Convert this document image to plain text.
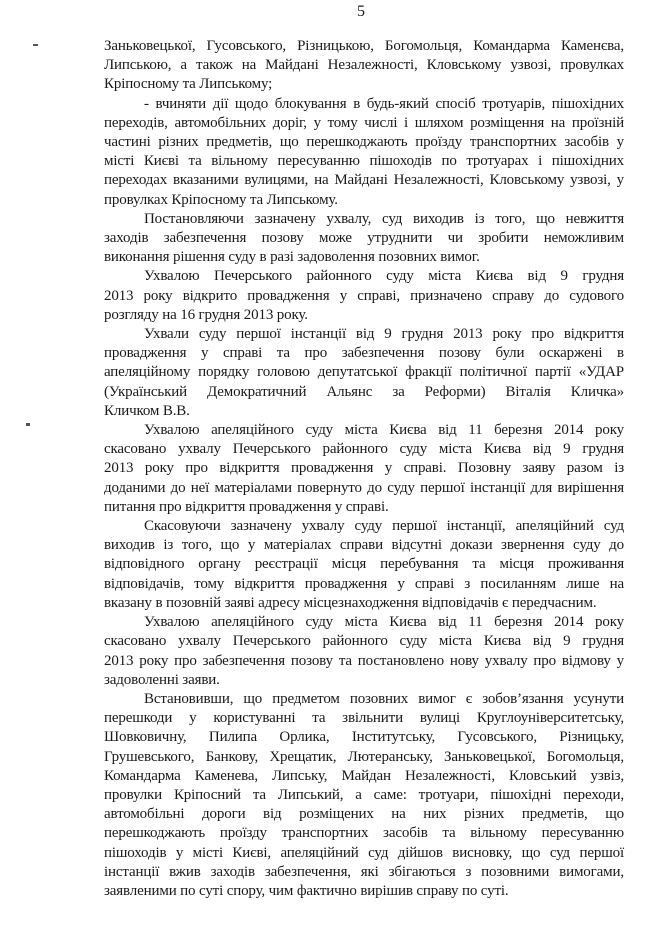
5
Заньковецької, Гусовського, Різницькою, Богомольця, Командарма Каменєва,
Липською, а також на Майдані Незалежності, Кловському узвозі, провулках
Кріпосному та Липському;
- вчиняти дії щодо блокування в будь-який спосіб тротуарів, пішохідних
переходів, автомобільних доріг, у тому числі і шляхом розміщення на проїзній
частині різних предметів, що перешкоджають проїзду транспортних засобів у
місті Києві та вільному пересуванню пішоходів по тротуарах і пішохідних
переходах вказаними вулицями, на Майдані Незалежності, Кловському узвозі, у
провулках Кріпосному та Липському.
Постановляючи зазначену ухвалу, суд виходив із того, що невжиття
заходів забезпечення позову може утруднити чи зробити неможливим
виконання рішення суду в разі задоволення позовних вимог.
Ухвалою Печерського районного суду міста Києва від 9 грудня
2013 року відкрито провадження у справі, призначено справу до судового
розгляду на 16 грудня 2013 року.
Ухвали суду першої інстанції від 9 грудня 2013 року про відкриття
провадження у справі та про забезпечення позову були оскаржені в
апеляційному порядку головою депутатської фракції політичної партії «УДАР
(Український Демократичний Альянс за Реформи) Віталія Кличка»
Кличком В.В.
Ухвалою апеляційного суду міста Києва від 11 березня 2014 року
скасовано ухвалу Печерського районного суду міста Києва від 9 грудня
2013 року про відкриття провадження у справі. Позовну заяву разом із
доданими до неї матеріалами повернуто до суду першої інстанції для вирішення
питання про відкриття провадження у справі.
Скасовуючи зазначену ухвалу суду першої інстанції, апеляційний суд
виходив із того, що у матеріалах справи відсутні докази звернення суду до
відповідного органу реєстрації місця перебування та місця проживання
відповідачів, тому відкриття провадження у справі з посиланням лише на
вказану в позовній заяві адресу місцезнаходження відповідачів є передчасним.
Ухвалою апеляційного суду міста Києва від 11 березня 2014 року
скасовано ухвалу Печерського районного суду міста Києва від 9 грудня
2013 року про забезпечення позову та постановлено нову ухвалу про відмову у
задоволенні заяви.
Встановивши, що предметом позовних вимог є зобов’язання усунути
перешкоди у користуванні та звільнити вулиці Круглоуніверситетську,
Шовковичну, Пилипа Орлика, Інститутську, Гусовського, Різницьку,
Грушевського, Банкову, Хрещатик, Лютеранську, Заньковецької, Богомольця,
Командарма Каменева, Липську, Майдан Незалежності, Кловський узвіз,
провулки Кріпосний та Липський, а саме: тротуари, пішохідні переходи,
автомобільні дороги від розміщених на них різних предметів, що
перешкоджають проїзду транспортних засобів та вільному пересуванню
пішоходів у місті Києві, апеляційний суд дійшов висновку, що суд першої
інстанції вжив заходів забезпечення, які збігаються з позовними вимогами,
заявленими по суті спору, чим фактично вирішив справу по суті.
